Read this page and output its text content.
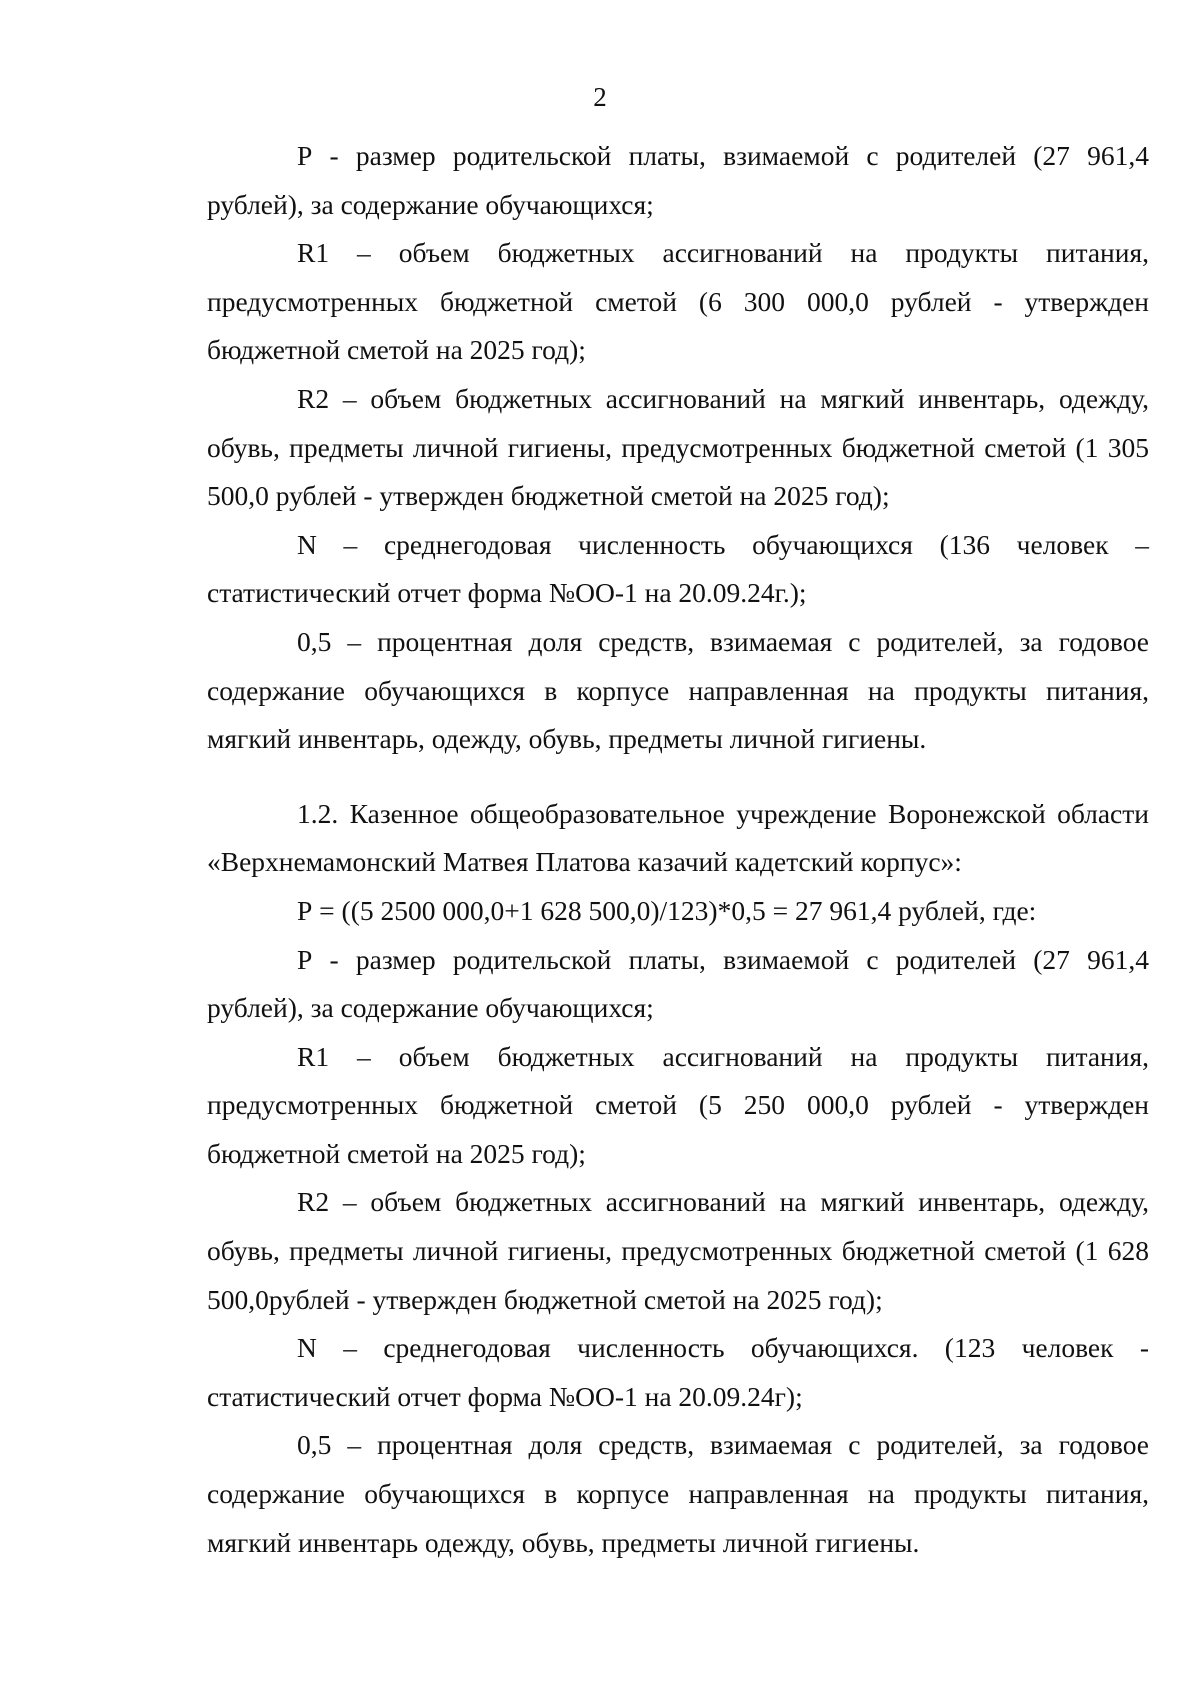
2

Р - размер родительской платы, взимаемой с родителей (27 961,4 рублей), за содержание обучающихся;

R1 – объем бюджетных ассигнований на продукты питания, предусмотренных бюджетной сметой (6 300 000,0 рублей - утвержден бюджетной сметой на 2025 год);

R2 – объем бюджетных ассигнований на мягкий инвентарь, одежду, обувь, предметы личной гигиены, предусмотренных бюджетной сметой (1 305 500,0 рублей - утвержден бюджетной сметой на 2025 год);

N – среднегодовая численность обучающихся (136 человек – статистический отчет форма №ОО-1 на 20.09.24г.);

0,5 – процентная доля средств, взимаемая с родителей, за годовое содержание обучающихся в корпусе направленная на продукты питания, мягкий инвентарь, одежду, обувь, предметы личной гигиены.

1.2. Казенное общеобразовательное учреждение Воронежской области «Верхнемамонский Матвея Платова казачий кадетский корпус»:

Р = ((5 2500 000,0+1 628 500,0)/123)*0,5 = 27 961,4 рублей, где:

Р - размер родительской платы, взимаемой с родителей (27 961,4 рублей), за содержание обучающихся;

R1 – объем бюджетных ассигнований на продукты питания, предусмотренных бюджетной сметой (5 250 000,0 рублей - утвержден бюджетной сметой на 2025 год);

R2 – объем бюджетных ассигнований на мягкий инвентарь, одежду, обувь, предметы личной гигиены, предусмотренных бюджетной сметой (1 628 500,0рублей - утвержден бюджетной сметой на 2025 год);

N – среднегодовая численность обучающихся. (123 человек - статистический отчет форма №ОО-1 на 20.09.24г);

0,5 – процентная доля средств, взимаемая с родителей, за годовое содержание обучающихся в корпусе направленная на продукты питания, мягкий инвентарь одежду, обувь, предметы личной гигиены.
